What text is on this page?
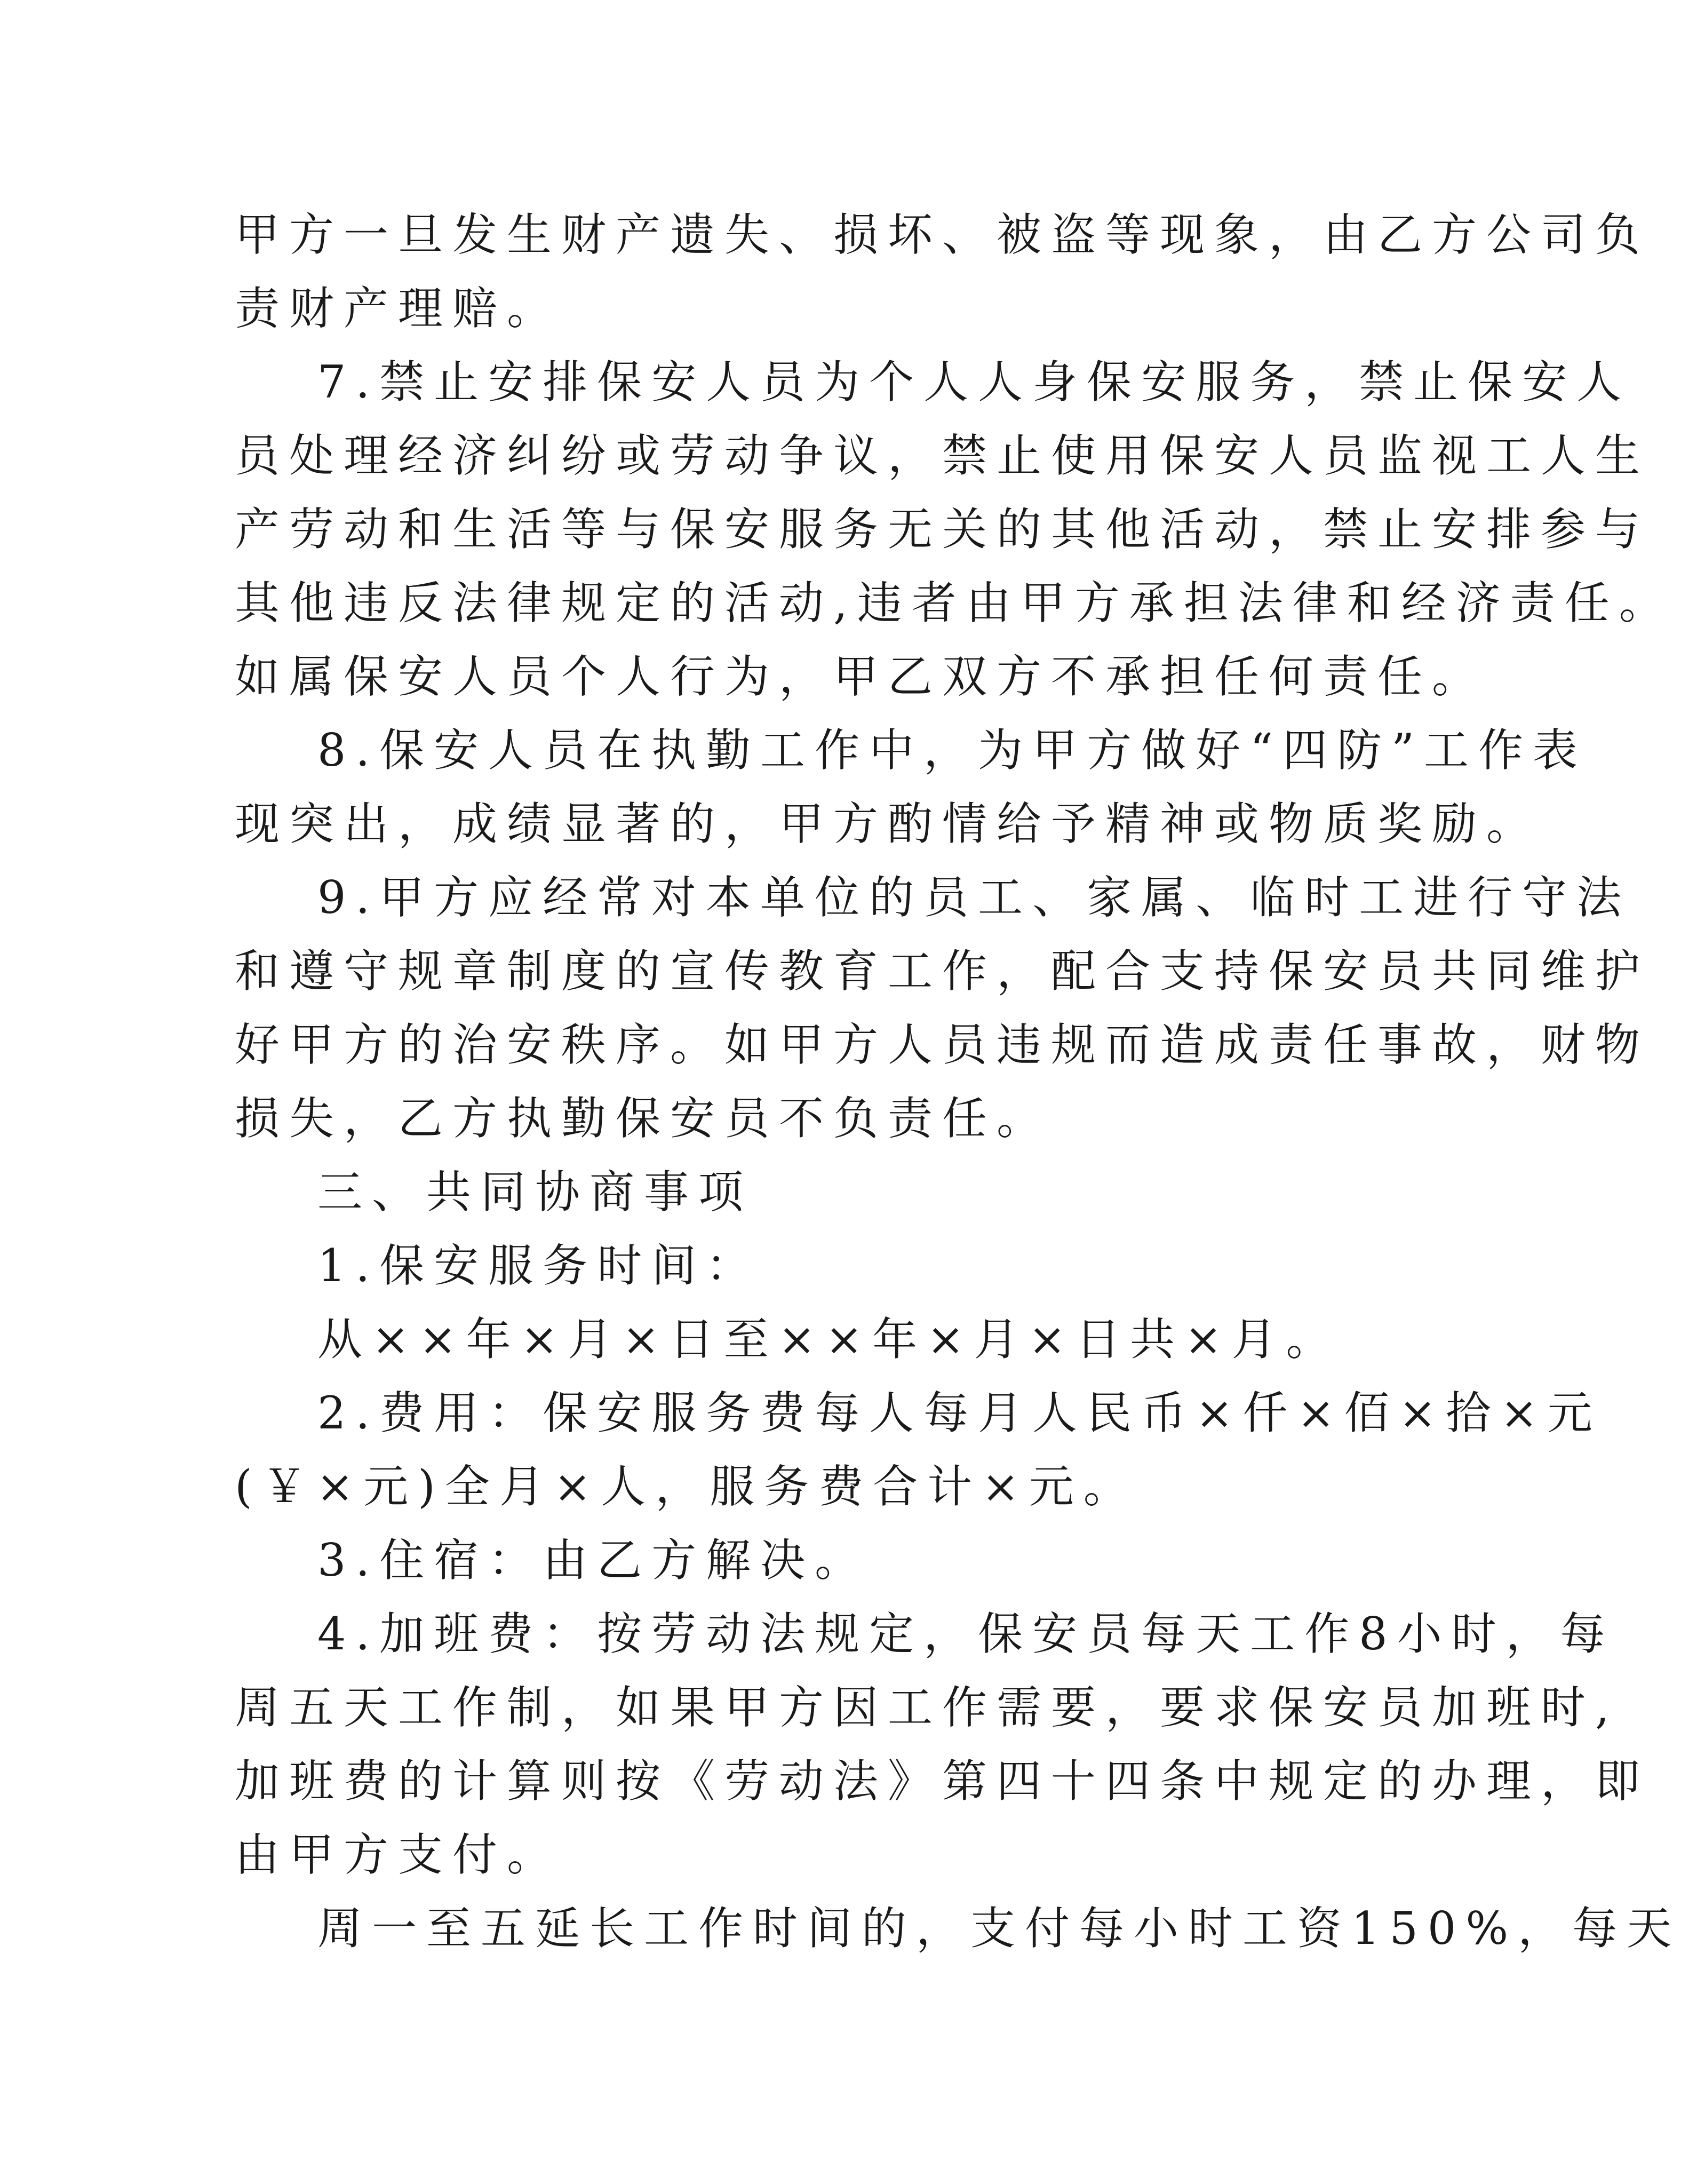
甲方一旦发生财产遗失、损坏、被盗等现象，由乙方公司负
责财产理赔。
7.禁止安排保安人员为个人人身保安服务，禁止保安人
员处理经济纠纷或劳动争议，禁止使用保安人员监视工人生
产劳动和生活等与保安服务无关的其他活动，禁止安排参与
其他违反法律规定的活动,违者由甲方承担法律和经济责任。
如属保安人员个人行为，甲乙双方不承担任何责任。
8.保安人员在执勤工作中，为甲方做好“四防”工作表
现突出，成绩显著的，甲方酌情给予精神或物质奖励。
9.甲方应经常对本单位的员工、家属、临时工进行守法
和遵守规章制度的宣传教育工作，配合支持保安员共同维护
好甲方的治安秩序。如甲方人员违规而造成责任事故，财物
损失，乙方执勤保安员不负责任。
三、共同协商事项
1.保安服务时间：
从××年×月×日至××年×月×日共×月。
2.费用：保安服务费每人每月人民币×仟×佰×拾×元
(￥×元)全月×人，服务费合计×元。
3.住宿：由乙方解决。
4.加班费：按劳动法规定，保安员每天工作8小时，每
周五天工作制，如果甲方因工作需要，要求保安员加班时,
加班费的计算则按《劳动法》第四十四条中规定的办理，即
由甲方支付。
周一至五延长工作时间的，支付每小时工资150%，每天
